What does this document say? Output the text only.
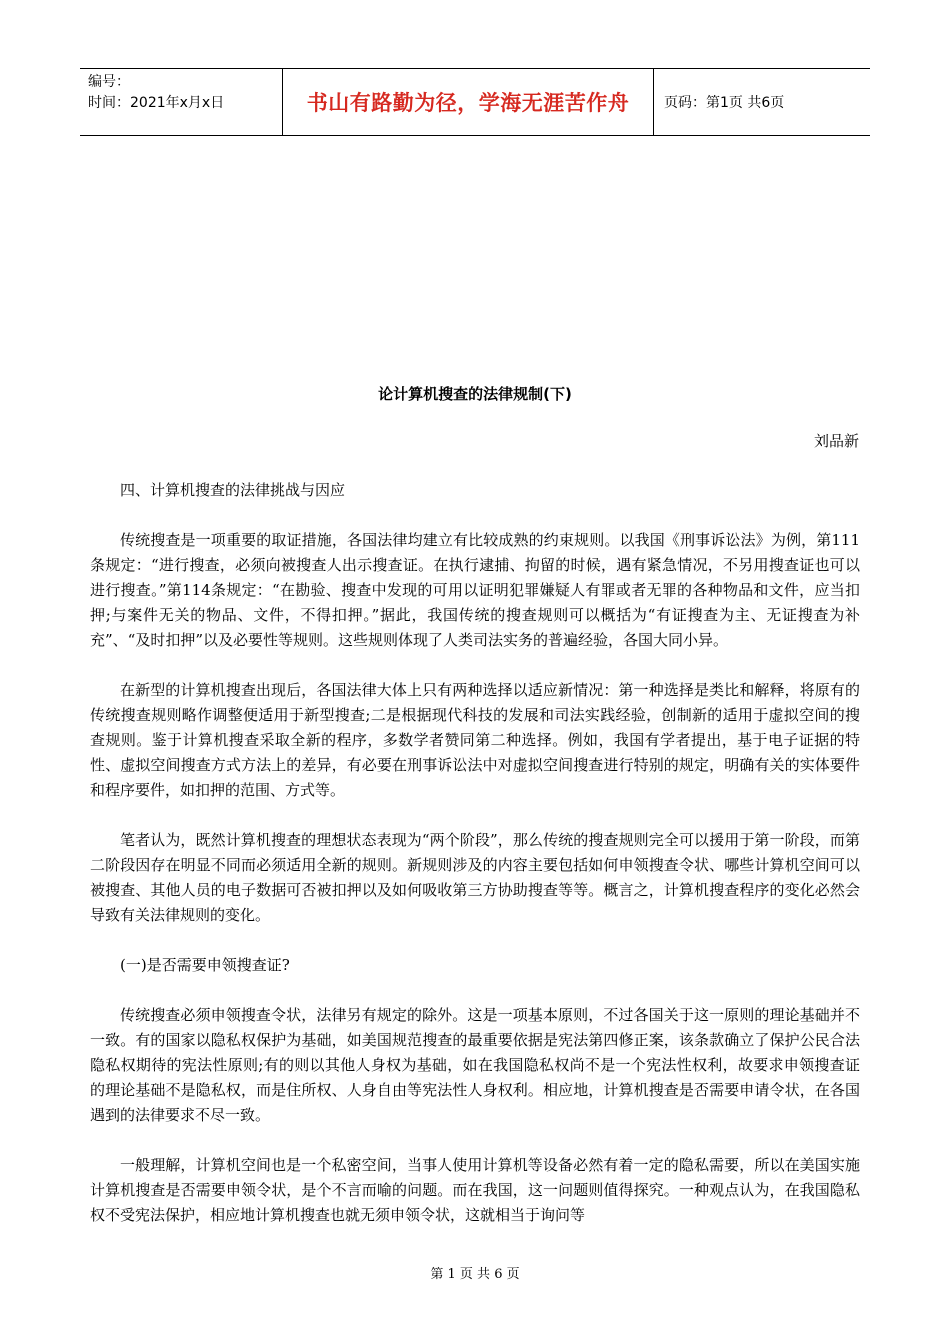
编号：
时间：2021年x月x日	书山有路勤为径，学海无涯苦作舟 页码：第1页 共6页
论计算机搜查的法律规制(下)
刘品新

四、计算机搜查的法律挑战与因应

传统搜查是一项重要的取证措施，各国法律均建立有比较成熟的约束规则。以我国《刑事诉讼法》为例，第111条规定：“进行搜查，必须向被搜查人出示搜查证。在执行逮捕、拘留的时候，遇有紧急情况，不另用搜查证也可以进行搜查。”第114条规定：“在勘验、搜查中发现的可用以证明犯罪嫌疑人有罪或者无罪的各种物品和文件，应当扣押;与案件无关的物品、文件，不得扣押。”据此，我国传统的搜查规则可以概括为“有证搜查为主、无证搜查为补充”、“及时扣押”以及必要性等规则。这些规则体现了人类司法实务的普遍经验，各国大同小异。

在新型的计算机搜查出现后，各国法律大体上只有两种选择以适应新情况：第一种选择是类比和解释，将原有的传统搜查规则略作调整便适用于新型搜查;二是根据现代科技的发展和司法实践经验，创制新的适用于虚拟空间的搜查规则。鉴于计算机搜查采取全新的程序，多数学者赞同第二种选择。例如，我国有学者提出，基于电子证据的特性、虚拟空间搜查方式方法上的差异，有必要在刑事诉讼法中对虚拟空间搜查进行特别的规定，明确有关的实体要件和程序要件，如扣押的范围、方式等。

笔者认为，既然计算机搜查的理想状态表现为“两个阶段”，那么传统的搜查规则完全可以援用于第一阶段，而第二阶段因存在明显不同而必须适用全新的规则。新规则涉及的内容主要包括如何申领搜查令状、哪些计算机空间可以被搜查、其他人员的电子数据可否被扣押以及如何吸收第三方协助搜查等等。概言之，计算机搜查程序的变化必然会导致有关法律规则的变化。

(一)是否需要申领搜查证?

传统搜查必须申领搜查令状，法律另有规定的除外。这是一项基本原则，不过各国关于这一原则的理论基础并不一致。有的国家以隐私权保护为基础，如美国规范搜查的最重要依据是宪法第四修正案，该条款确立了保护公民合法隐私权期待的宪法性原则;有的则以其他人身权为基础，如在我国隐私权尚不是一个宪法性权利，故要求申领搜查证的理论基础不是隐私权，而是住所权、人身自由等宪法性人身权利。相应地，计算机搜查是否需要申请令状，在各国遇到的法律要求不尽一致。

一般理解，计算机空间也是一个私密空间，当事人使用计算机等设备必然有着一定的隐私需要，所以在美国实施计算机搜查是否需要申领令状，是个不言而喻的问题。而在我国，这一问题则值得探究。一种观点认为，在我国隐私权不受宪法保护，相应地计算机搜查也就无须申领令状，这就相当于询问等

第 1 页 共 6 页
